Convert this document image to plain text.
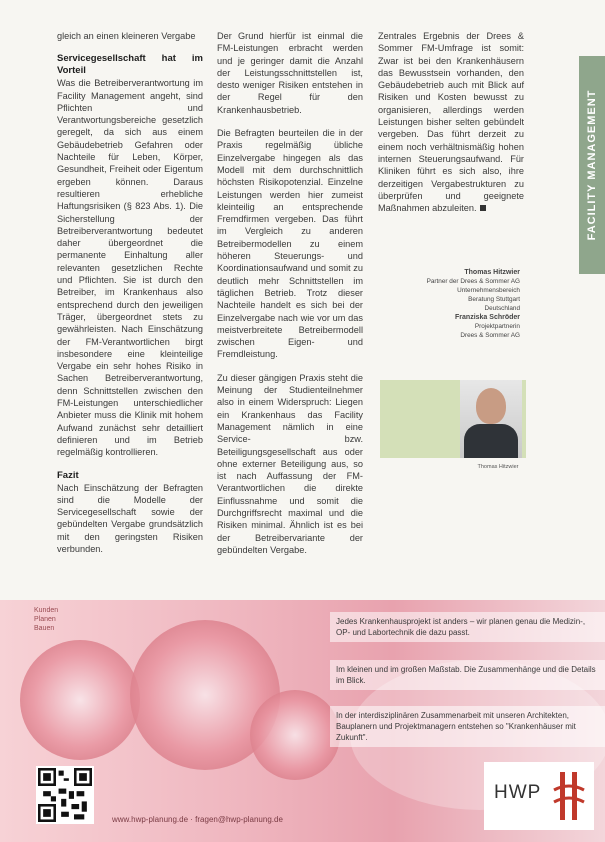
gleich an einen kleineren Vergabe

Servicegesellschaft hat im Vorteil

Was die Betreiberverantwortung im Facility Management angeht, sind Pflichten und Verantwortungsbereiche gesetzlich geregelt, da sich aus einem Gebäudebetrieb Gefahren oder Nachteile für Leben, Körper, Gesundheit, Freiheit oder Eigentum ergeben können. Daraus resultieren erhebliche Haftungsrisiken (§ 823 Abs. 1). Die Sicherstellung der Betreiberverantwortung bedeutet daher übergeordnet die permanente Einhaltung aller relevanten gesetzlichen Rechte und Pflichten. Sie ist durch den Betreiber, im Krankenhaus also entsprechend durch den jeweiligen Träger, übergeordnet stets zu gewährleisten. Nach Einschätzung der FM-Verantwortlichen birgt insbesondere eine kleinteilige Vergabe ein sehr hohes Risiko in Sachen Betreiberverantwortung, denn Schnittstellen zwischen den FM-Leistungen unterschiedlicher Anbieter muss die Klinik mit hohem Aufwand zunächst sehr detailliert definieren und im Betrieb regelmäßig kontrollieren.

Fazit

Nach Einschätzung der Befragten sind die Modelle der Servicegesellschaft sowie der gebündelten Vergabe grundsätzlich mit den geringsten Risiken verbunden.

Der Grund hierfür ist einmal die FM-Leistungen erbracht werden und je geringer damit die Anzahl der Leistungsschnittstellen ist, desto weniger Risiken entstehen in der Regel für den Krankenhausbetrieb.

Die Befragten beurteilen die in der Praxis regelmäßig übliche Einzelvergabe hingegen als das Modell mit dem durchschnittlich höchsten Risikopotenzial. Einzelne Leistungen werden hier zumeist kleinteilig an entsprechende Fremdfirmen vergeben. Das führt im Vergleich zu anderen Betreibermodellen zu einem höheren Steuerungs- und Koordinationsaufwand und somit zu deutlich mehr Schnittstellen im täglichen Betrieb. Trotz dieser Nachteile handelt es sich bei der Einzelvergabe nach wie vor um das meistverbreitete Betreibermodell zwischen Eigen- und Fremdleistung.

Zu dieser gängigen Praxis steht die Meinung der Studienteilnehmer also in einem Widerspruch: Liegen ein Krankenhaus das Facility Management nämlich in eine Service- bzw. Beteiligungsgesellschaft aus oder ohne externer Beteiligung aus, so ist nach Auffassung der FM-Verantwortlichen die direkte Einflussnahme und somit die Durchgriffsrecht maximal und die Risiken minimal. Ähnlich ist es bei der Betreibervariante der gebündelten Vergabe.

Zentrales Ergebnis der Drees & Sommer FM-Umfrage ist somit: Zwar ist bei den Krankenhäusern das Bewusstsein vorhanden, den Gebäudebetrieb auch mit Blick auf Risiken und Kosten bewusst zu organisieren, allerdings werden Leistungen bisher selten gebündelt vergeben. Das führt derzeit zu einem noch verhältnismäßig hohen internen Steuerungsaufwand. Für Kliniken führt es sich also, ihre derzeitigen Vergabestrukturen zu überprüfen und geeignete Maßnahmen abzuleiten.	FACILITY MANAGEMENT
Thomas Hitzwier
Partner der Drees & Sommer AG
Unternehmensbereich
Beratung Stuttgart
Deutschland
Franziska Schröder
Projektpartnerin
Drees & Sommer AG
Thomas Hitzwier
Kunden
Planen
Bauen

Jedes Krankenhausprojekt ist anders – wir planen genau die Medizin-, OP- und Labortechnik die dazu passt.

Im kleinen und im großen Maßstab. Die Zusammenhänge und die Details im Blick.

In der interdisziplinären Zusammenarbeit mit unseren Architekten, Bauplanern und Projektmanagern entstehen so "Krankenhäuser mit Zukunft".

www.hwp-planung.de · fragen@hwp-planung.de
HWP
